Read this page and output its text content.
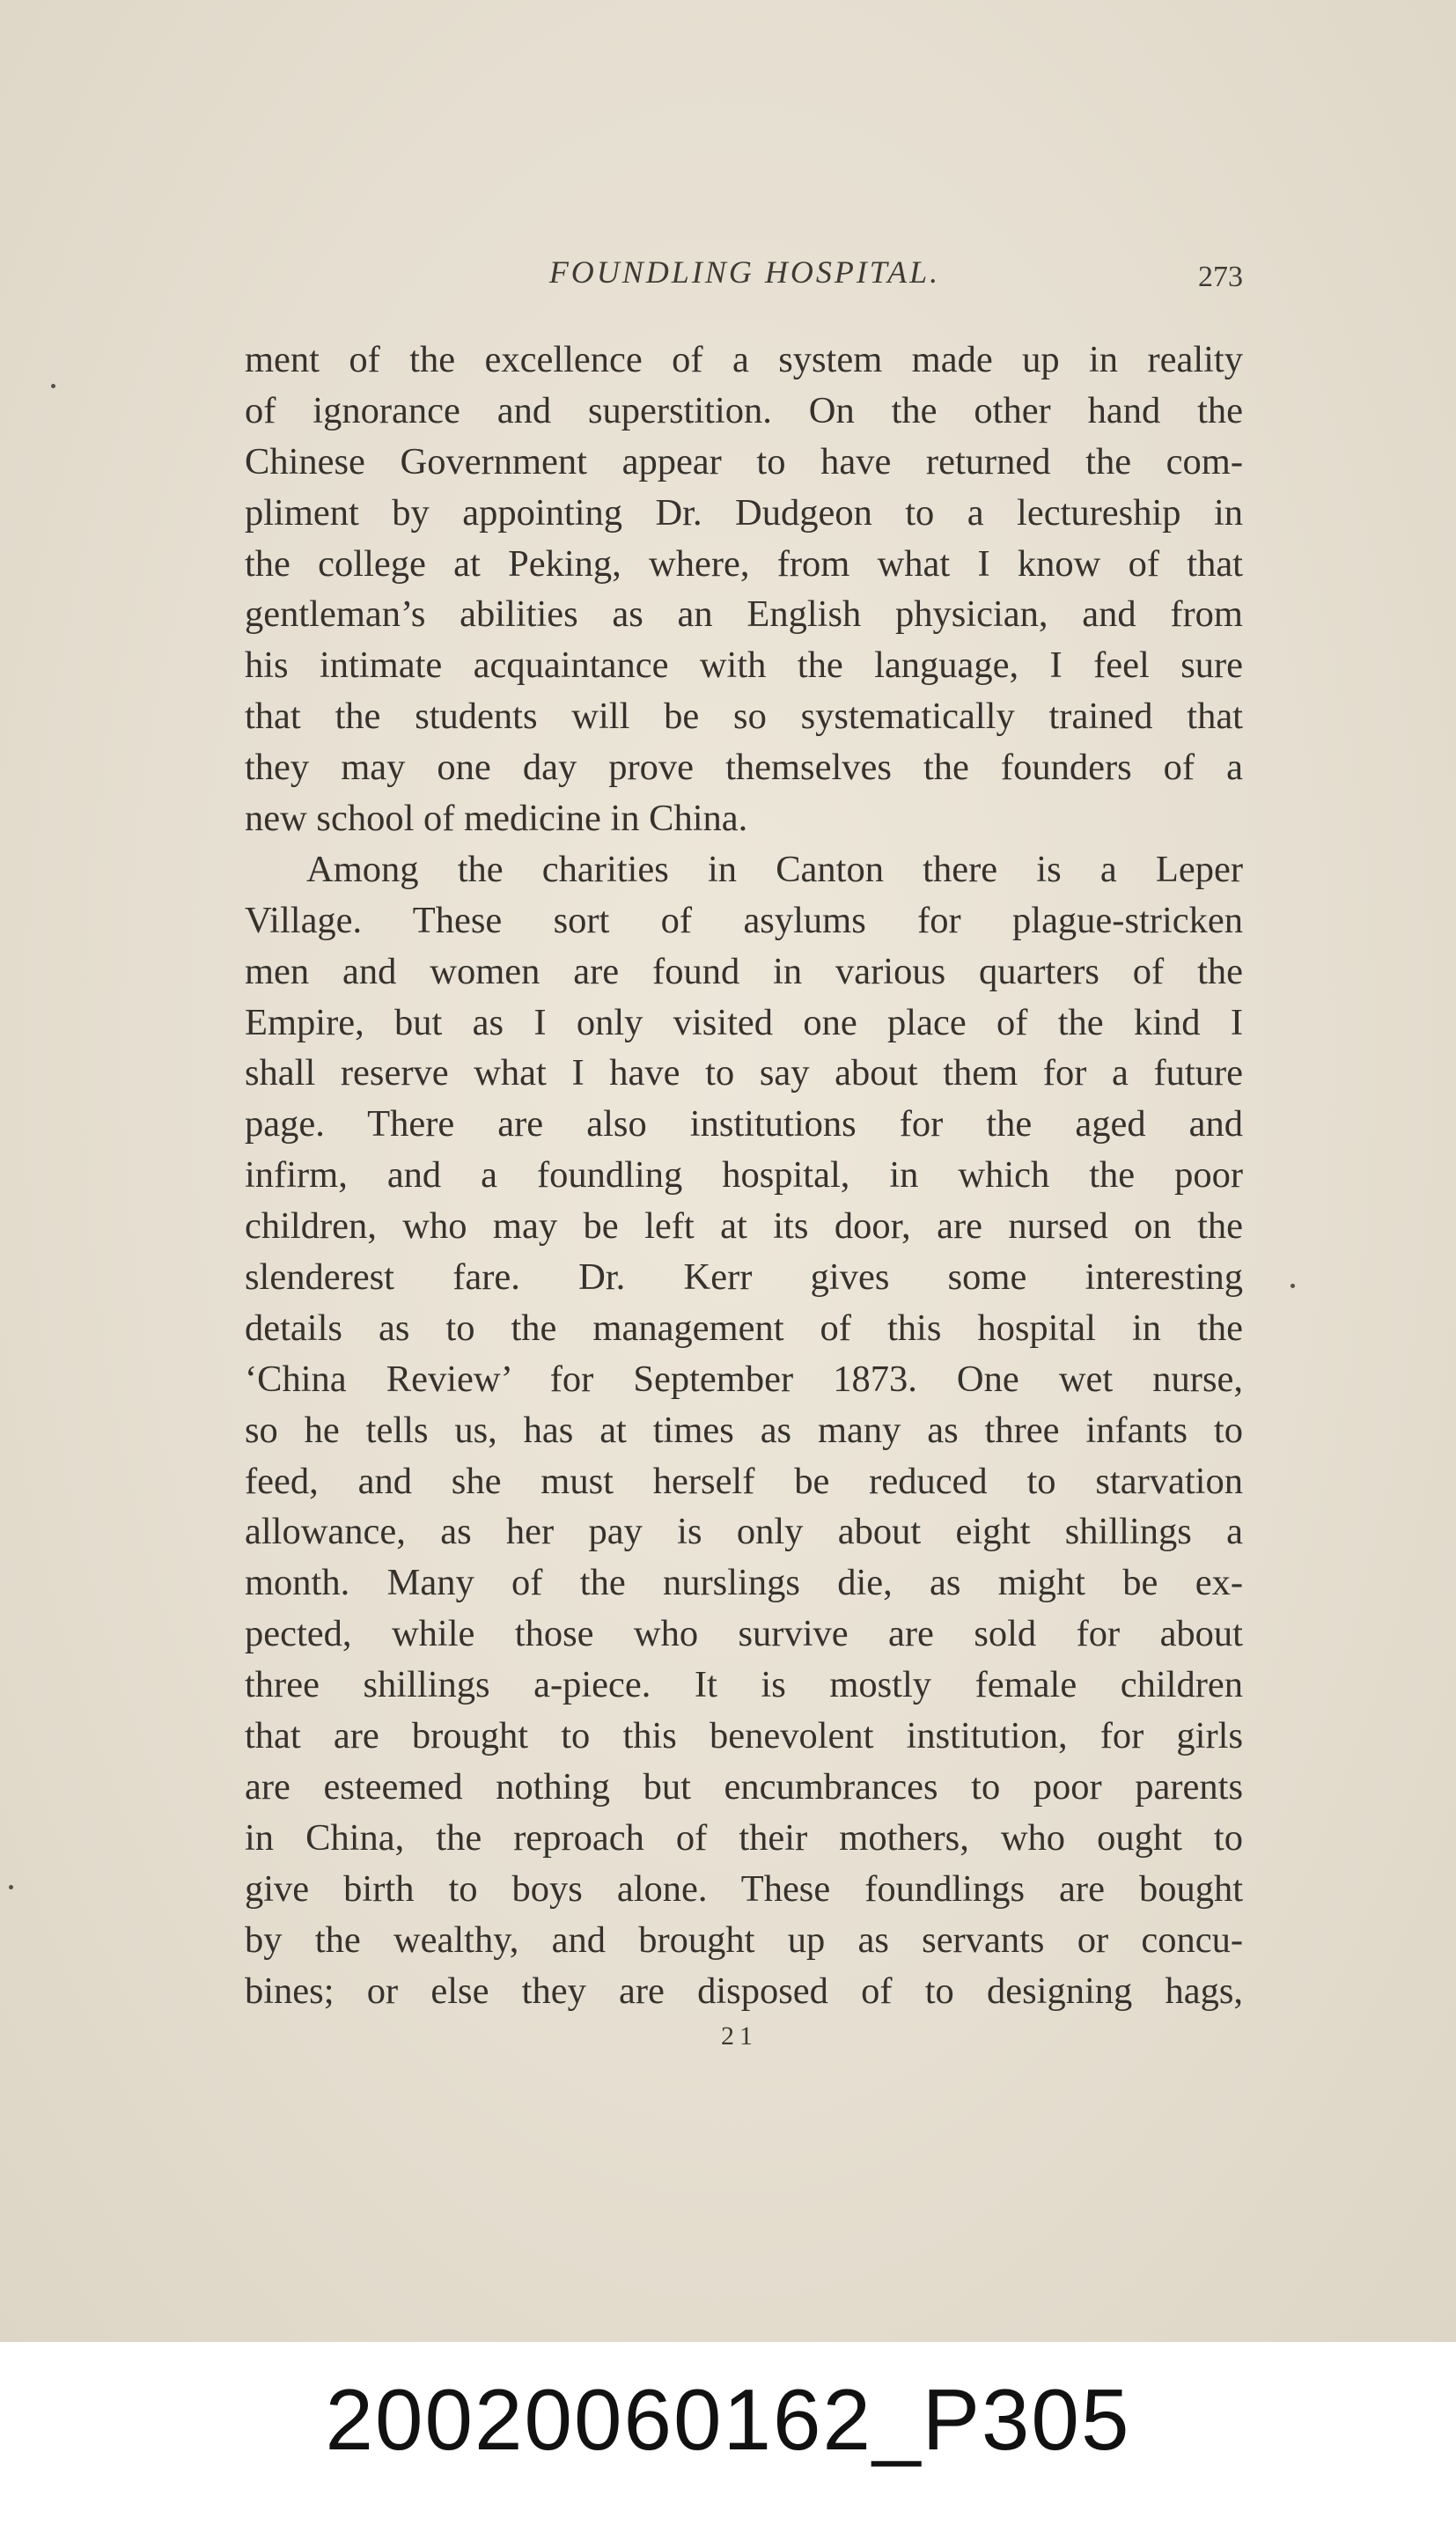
FOUNDLING HOSPITAL.	273
ment of the excellence of a system made up in reality
of ignorance and superstition. On the other hand the
Chinese Government appear to have returned the com-
pliment by appointing Dr. Dudgeon to a lectureship in
the college at Peking, where, from what I know of that
gentleman’s abilities as an English physician, and from
his intimate acquaintance with the language, I feel sure
that the students will be so systematically trained that
they may one day prove themselves the founders of a
new school of medicine in China.
Among the charities in Canton there is a Leper
Village. These sort of asylums for plague-stricken
men and women are found in various quarters of the
Empire, but as I only visited one place of the kind I
shall reserve what I have to say about them for a future
page. There are also institutions for the aged and
infirm, and a foundling hospital, in which the poor
children, who may be left at its door, are nursed on the
slenderest fare. Dr. Kerr gives some interesting
details as to the management of this hospital in the
‘China Review’ for September 1873. One wet nurse,
so he tells us, has at times as many as three infants to
feed, and she must herself be reduced to starvation
allowance, as her pay is only about eight shillings a
month. Many of the nurslings die, as might be ex-
pected, while those who survive are sold for about
three shillings a-piece. It is mostly female children
that are brought to this benevolent institution, for girls
are esteemed nothing but encumbrances to poor parents
in China, the reproach of their mothers, who ought to
give birth to boys alone. These foundlings are bought
by the wealthy, and brought up as servants or concu-
bines; or else they are disposed of to designing hags,
21
20020060162_P305
